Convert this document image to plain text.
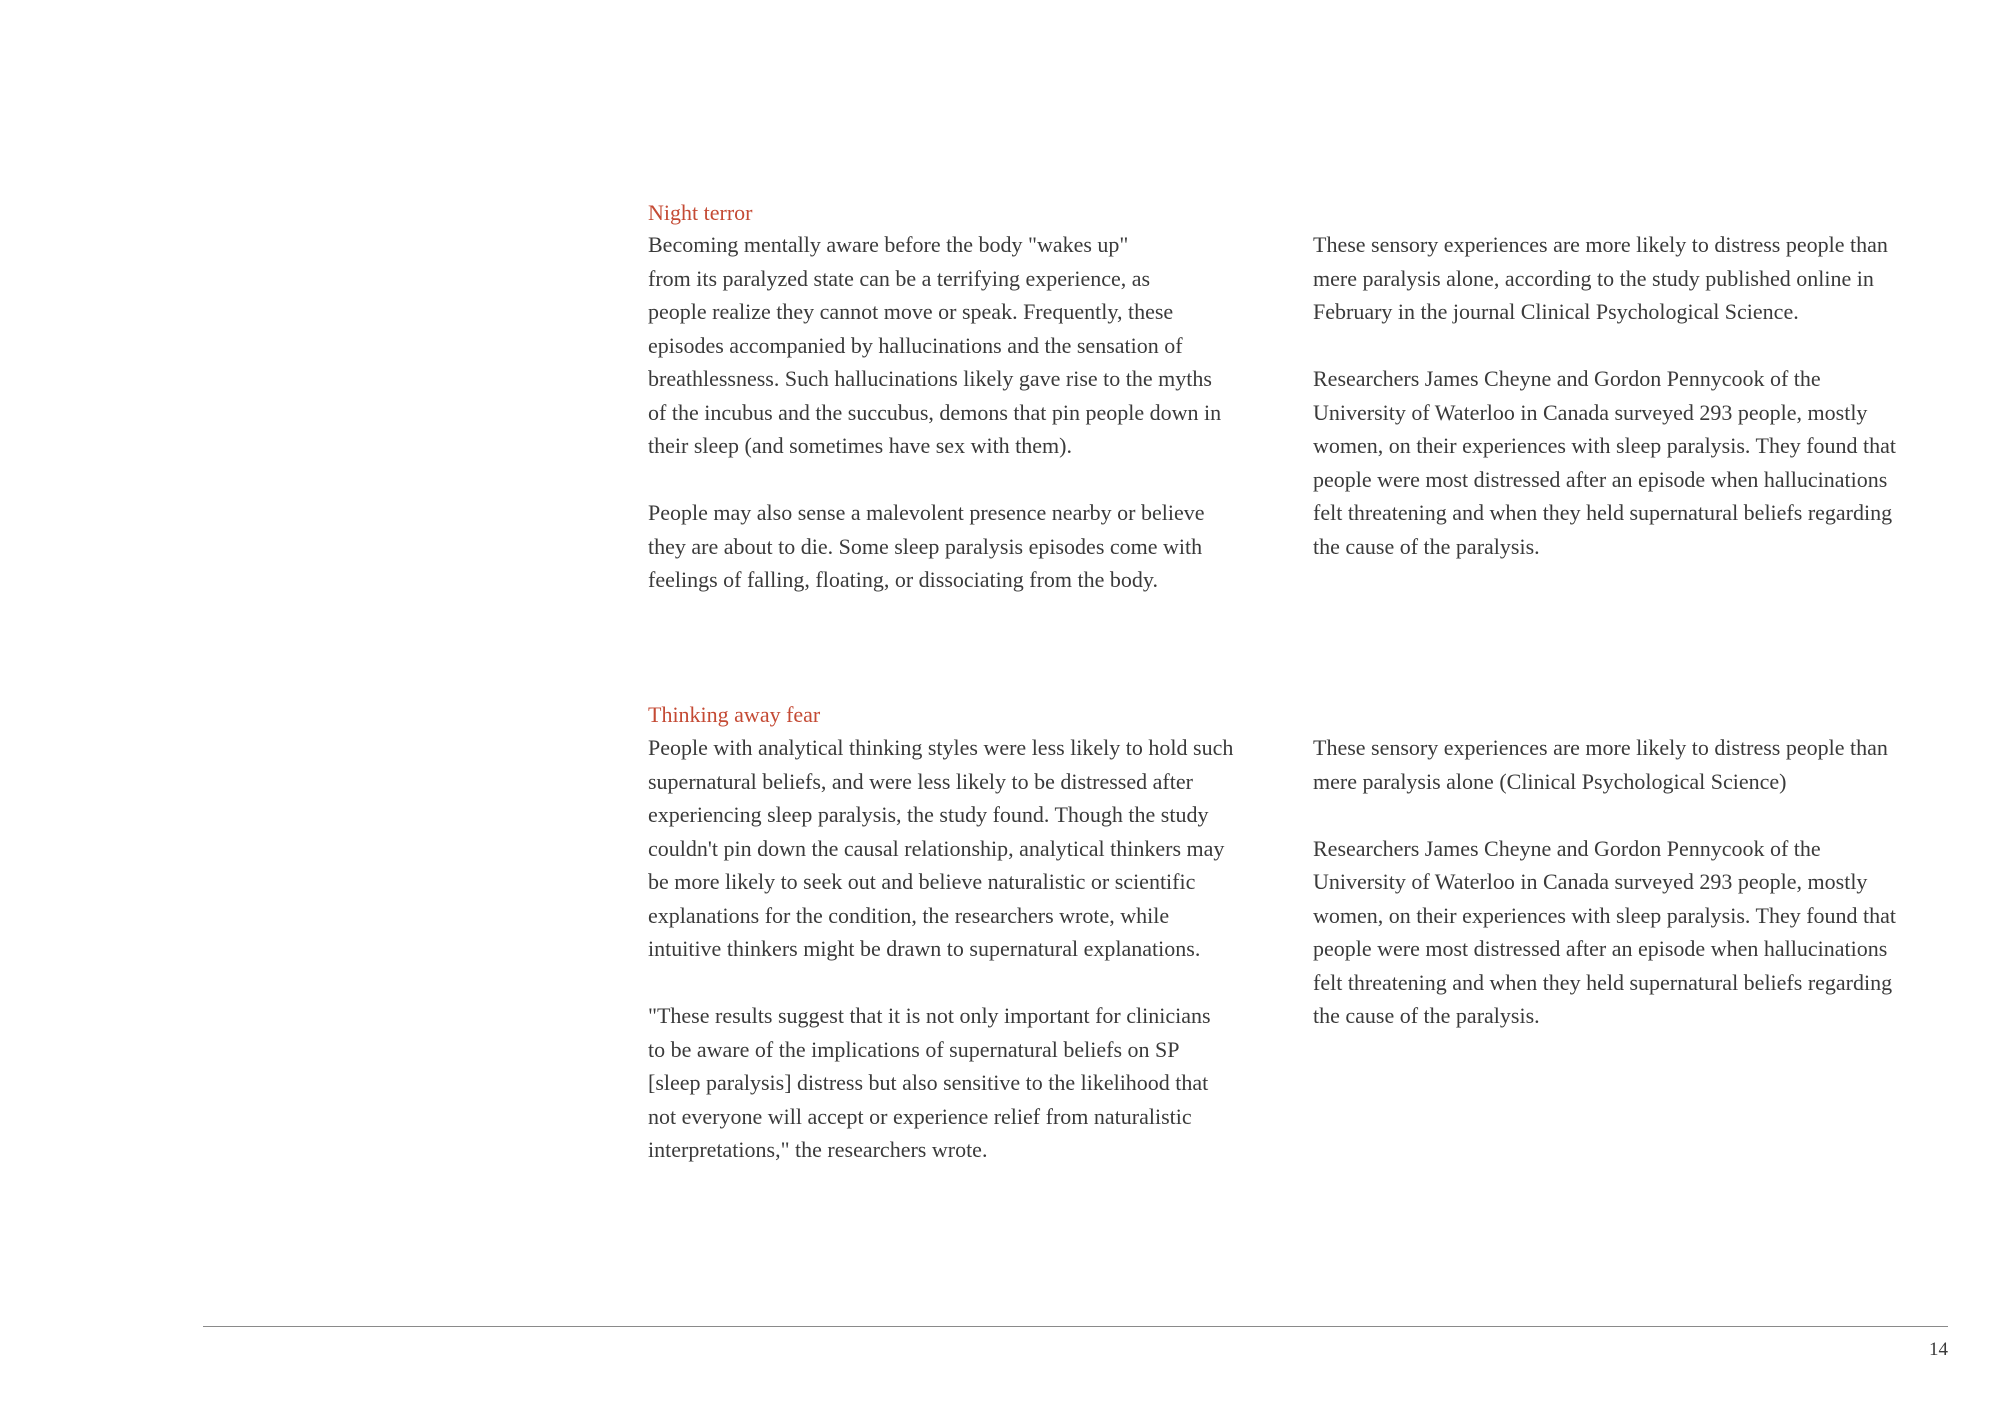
Night terror
Becoming mentally aware before the body "wakes up"
from its paralyzed state can be a terrifying experience, as
people realize they cannot move or speak. Frequently, these
episodes accompanied by hallucinations and the sensation of
breathlessness. Such hallucinations likely gave rise to the myths
of the incubus and the succubus, demons that pin people down in
their sleep (and sometimes have sex with them).
People may also sense a malevolent presence nearby or believe
they are about to die. Some sleep paralysis episodes come with
feelings of falling, floating, or dissociating from the body.
These sensory experiences are more likely to distress people than
mere paralysis alone, according to the study published online in
February in the journal Clinical Psychological Science.
Researchers James Cheyne and Gordon Pennycook of the
University of Waterloo in Canada surveyed 293 people, mostly
women, on their experiences with sleep paralysis. They found that
people were most distressed after an episode when hallucinations
felt threatening and when they held supernatural beliefs regarding
the cause of the paralysis.
Thinking away fear
People with analytical thinking styles were less likely to hold such
supernatural beliefs, and were less likely to be distressed after
experiencing sleep paralysis, the study found. Though the study
couldn't pin down the causal relationship, analytical thinkers may
be more likely to seek out and believe naturalistic or scientific
explanations for the condition, the researchers wrote, while
intuitive thinkers might be drawn to supernatural explanations.
"These results suggest that it is not only important for clinicians
to be aware of the implications of supernatural beliefs on SP
[sleep paralysis] distress but also sensitive to the likelihood that
not everyone will accept or experience relief from naturalistic
interpretations," the researchers wrote.
These sensory experiences are more likely to distress people than
mere paralysis alone (Clinical Psychological Science)
Researchers James Cheyne and Gordon Pennycook of the
University of Waterloo in Canada surveyed 293 people, mostly
women, on their experiences with sleep paralysis. They found that
people were most distressed after an episode when hallucinations
felt threatening and when they held supernatural beliefs regarding
the cause of the paralysis.
14
